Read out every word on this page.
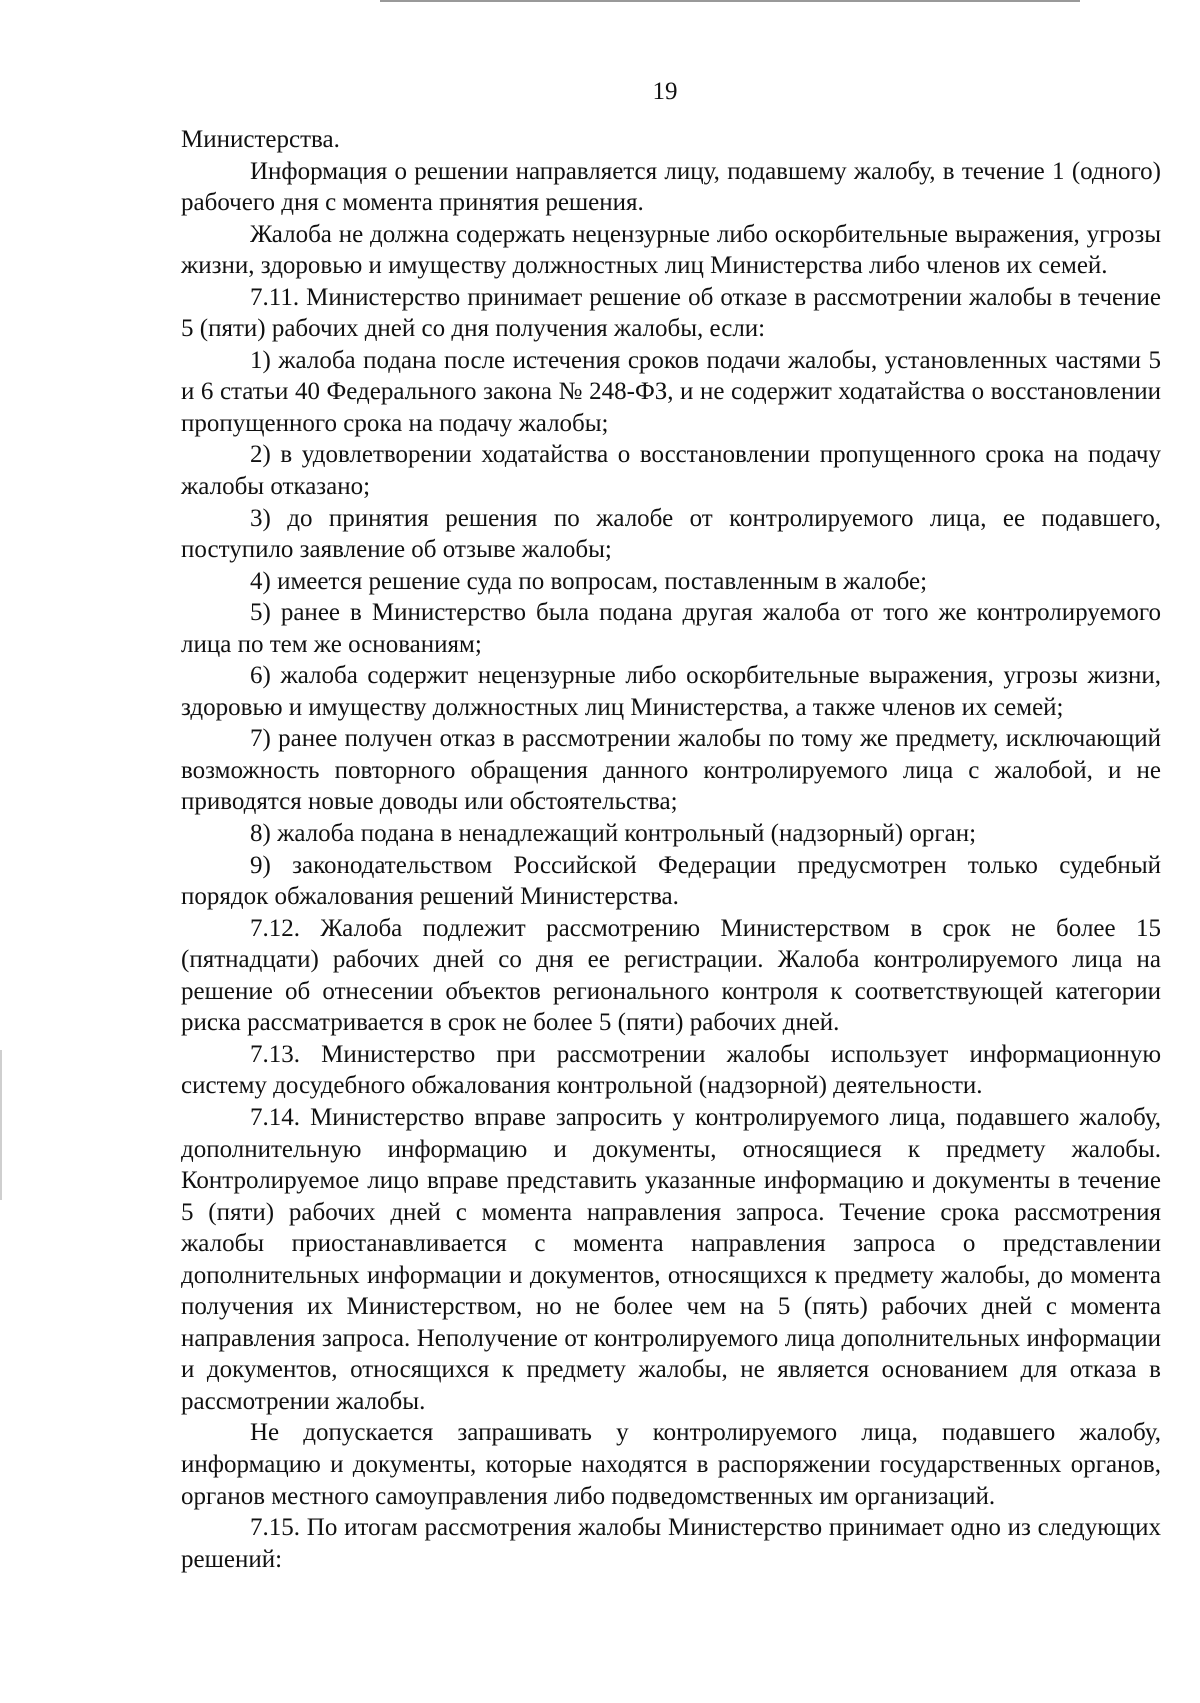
19

Министерства.

Информация о решении направляется лицу, подавшему жалобу, в течение 1 (одного) рабочего дня с момента принятия решения.

Жалоба не должна содержать нецензурные либо оскорбительные выражения, угрозы жизни, здоровью и имуществу должностных лиц Министерства либо членов их семей.

7.11. Министерство принимает решение об отказе в рассмотрении жалобы в течение 5 (пяти) рабочих дней со дня получения жалобы, если:

1) жалоба подана после истечения сроков подачи жалобы, установленных частями 5 и 6 статьи 40 Федерального закона № 248-ФЗ, и не содержит ходатайства о восстановлении пропущенного срока на подачу жалобы;

2) в удовлетворении ходатайства о восстановлении пропущенного срока на подачу жалобы отказано;

3) до принятия решения по жалобе от контролируемого лица, ее подавшего, поступило заявление об отзыве жалобы;

4) имеется решение суда по вопросам, поставленным в жалобе;

5) ранее в Министерство была подана другая жалоба от того же контролируемого лица по тем же основаниям;

6) жалоба содержит нецензурные либо оскорбительные выражения, угрозы жизни, здоровью и имуществу должностных лиц Министерства, а также членов их семей;

7) ранее получен отказ в рассмотрении жалобы по тому же предмету, исключающий возможность повторного обращения данного контролируемого лица с жалобой, и не приводятся новые доводы или обстоятельства;

8) жалоба подана в ненадлежащий контрольный (надзорный) орган;

9) законодательством Российской Федерации предусмотрен только судебный порядок обжалования решений Министерства.

7.12. Жалоба подлежит рассмотрению Министерством в срок не более 15 (пятнадцати) рабочих дней со дня ее регистрации. Жалоба контролируемого лица на решение об отнесении объектов регионального контроля к соответствующей категории риска рассматривается в срок не более 5 (пяти) рабочих дней.

7.13. Министерство при рассмотрении жалобы использует информационную систему досудебного обжалования контрольной (надзорной) деятельности.

7.14. Министерство вправе запросить у контролируемого лица, подавшего жалобу, дополнительную информацию и документы, относящиеся к предмету жалобы. Контролируемое лицо вправе представить указанные информацию и документы в течение 5 (пяти) рабочих дней с момента направления запроса. Течение срока рассмотрения жалобы приостанавливается с момента направления запроса о представлении дополнительных информации и документов, относящихся к предмету жалобы, до момента получения их Министерством, но не более чем на 5 (пять) рабочих дней с момента направления запроса. Неполучение от контролируемого лица дополнительных информации и документов, относящихся к предмету жалобы, не является основанием для отказа в рассмотрении жалобы.

Не допускается запрашивать у контролируемого лица, подавшего жалобу, информацию и документы, которые находятся в распоряжении государственных органов, органов местного самоуправления либо подведомственных им организаций.

7.15. По итогам рассмотрения жалобы Министерство принимает одно из следующих решений:
